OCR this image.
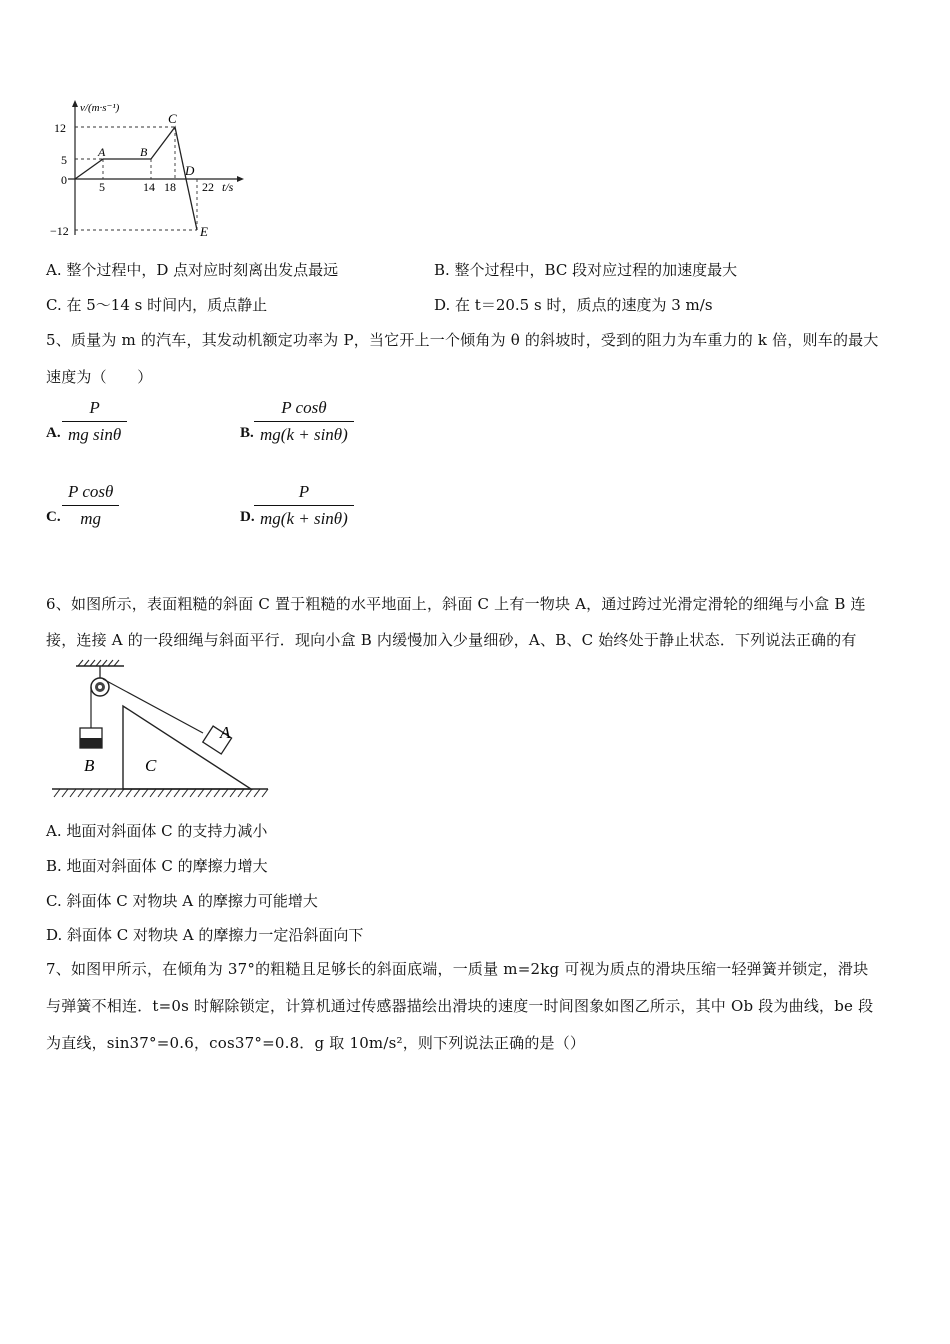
v/(m·s⁻¹)
t/s
12
5
0
−12
5	14 18 22
A	B
C
D
E
A. 整个过程中，D 点对应时刻离出发点最远	B. 整个过程中，BC 段对应过程的加速度最大
C. 在 5～14 s 时间内，质点静止	D. 在 t＝20.5 s 时，质点的速度为 3 m/s
5、质量为 m 的汽车，其发动机额定功率为 P，当它开上一个倾角为 θ 的斜坡时，受到的阻力为车重力的 k 倍，则车的最大
速度为（　　）
A. $\frac{P}{\text{mg sinθ}}$	B. $\frac{\text{P cosθ}}{mg(k + \sin\theta)}$
C. $\frac{\text{P cosθ}}{mg}$	D. $\frac{P}{mg(k + \sin\theta)}$
6、如图所示，表面粗糙的斜面 C 置于粗糙的水平地面上，斜面 C 上有一物块 A，通过跨过光滑定滑轮的细绳与小盒 B 连
接，连接 A 的一段细绳与斜面平行．现向小盒 B 内缓慢加入少量细砂，A、B、C 始终处于静止状态．下列说法正确的有
A
B	C
A. 地面对斜面体 C 的支持力减小
B. 地面对斜面体 C 的摩擦力增大
C. 斜面体 C 对物块 A 的摩擦力可能增大
D. 斜面体 C 对物块 A 的摩擦力一定沿斜面向下
7、如图甲所示，在倾角为 37°的粗糙且足够长的斜面底端，一质量 m=2kg 可视为质点的滑块压缩一轻弹簧并锁定，滑块
与弹簧不相连．t=0s 时解除锁定，计算机通过传感器描绘出滑块的速度一时间图象如图乙所示，其中 Ob 段为曲线，be 段
为直线，sin37°=0.6，cos37°=0.8．g 取 10m/s²，则下列说法正确的是（）
